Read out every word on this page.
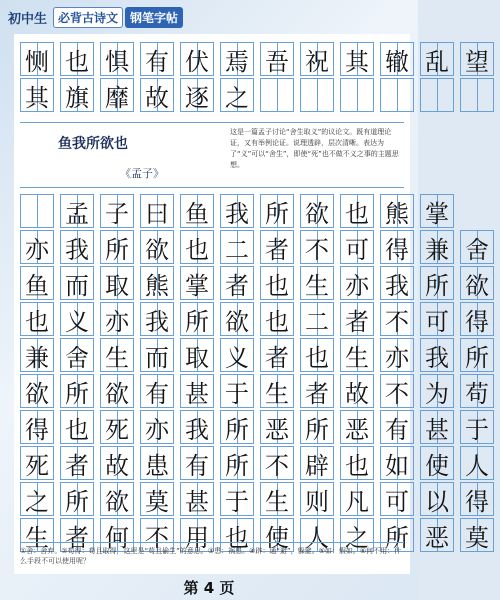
初中生 必背古诗文	钢笔字帖
恻 也 惧 有 伏 焉 吾 祝 其 辙 乱 望
其 旗 靡 故 逐 之
鱼我所欲也
《孟子》
这是一篇孟子讨论“舍生取义”的议论文。既有道理论证，又有举例论证。说理透辟，层次清晰。表达为了“义”可以“舍生”，即使“死”也不做不义之事的主题思想。
孟 子 曰 鱼 我 所 欲 也 熊 掌
亦 我 所 欲 也 二 者 不 可 得 兼 舍
鱼 而 取 熊 掌 者 也 生 亦 我 所 欲
也 义 亦 我 所 欲 也 二 者 不 可 得
兼 舍 生 而 取 义 者 也 生 亦 我 所
欲 所 欲 有 甚 于 生 者 故 不 为 苟
得 也 死 亦 我 所 恶 所 恶 有 甚 于
死 者 故 患 有 所 不 辟 也 如 使 人
之 所 欲 莫 甚 于 生 则 凡 可 以 得
生 者 何 不 用 也 使 人 之 所 恶 莫
①舍：舍弃。②苟得：苟且取得，这里是“苟且偷生”的意思。③患：祸患。④辟：通“避”，躲避。⑤如：假如。⑥何不用：什么手段不可以使用呢？
第 4 页
